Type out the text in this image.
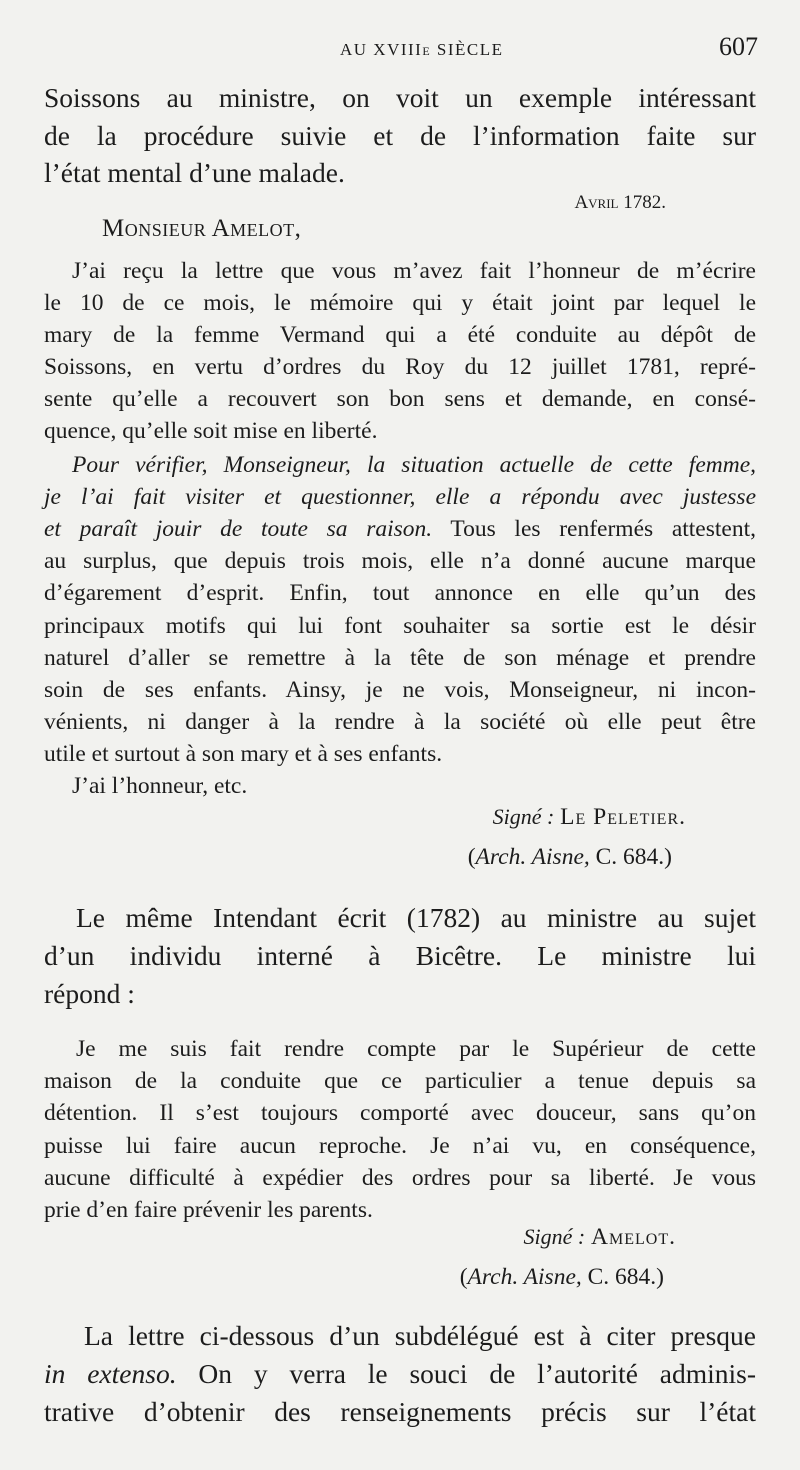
AU XVIIIe SIÈCLE	607
Soissons au ministre, on voit un exemple intéressant
de la procédure suivie et de l’information faite sur
l’état mental d’une malade.
Avril 1782.
Monsieur Amelot,
J’ai reçu la lettre que vous m’avez fait l’honneur de m’écrire
le 10 de ce mois, le mémoire qui y était joint par lequel le
mary de la femme Vermand qui a été conduite au dépôt de
Soissons, en vertu d’ordres du Roy du 12 juillet 1781, repré-
sente qu’elle a recouvert son bon sens et demande, en consé-
quence, qu’elle soit mise en liberté.
Pour vérifier, Monseigneur, la situation actuelle de cette femme,
je l’ai fait visiter et questionner, elle a répondu avec justesse
et paraît jouir de toute sa raison. Tous les renfermés attestent,
au surplus, que depuis trois mois, elle n’a donné aucune marque
d’égarement d’esprit. Enfin, tout annonce en elle qu’un des
principaux motifs qui lui font souhaiter sa sortie est le désir
naturel d’aller se remettre à la tête de son ménage et prendre
soin de ses enfants. Ainsy, je ne vois, Monseigneur, ni incon-
vénients, ni danger à la rendre à la société où elle peut être
utile et surtout à son mary et à ses enfants.
J’ai l’honneur, etc.
Signé : Le Peletier.
(Arch. Aisne, C. 684.)
Le même Intendant écrit (1782) au ministre au sujet
d’un individu interné à Bicêtre. Le ministre lui
répond :
Je me suis fait rendre compte par le Supérieur de cette
maison de la conduite que ce particulier a tenue depuis sa
détention. Il s’est toujours comporté avec douceur, sans qu’on
puisse lui faire aucun reproche. Je n’ai vu, en conséquence,
aucune difficulté à expédier des ordres pour sa liberté. Je vous
prie d’en faire prévenir les parents.
Signé : Amelot.
(Arch. Aisne, C. 684.)
La lettre ci-dessous d’un subdélégué est à citer presque
in extenso. On y verra le souci de l’autorité adminis-
trative d’obtenir des renseignements précis sur l’état
